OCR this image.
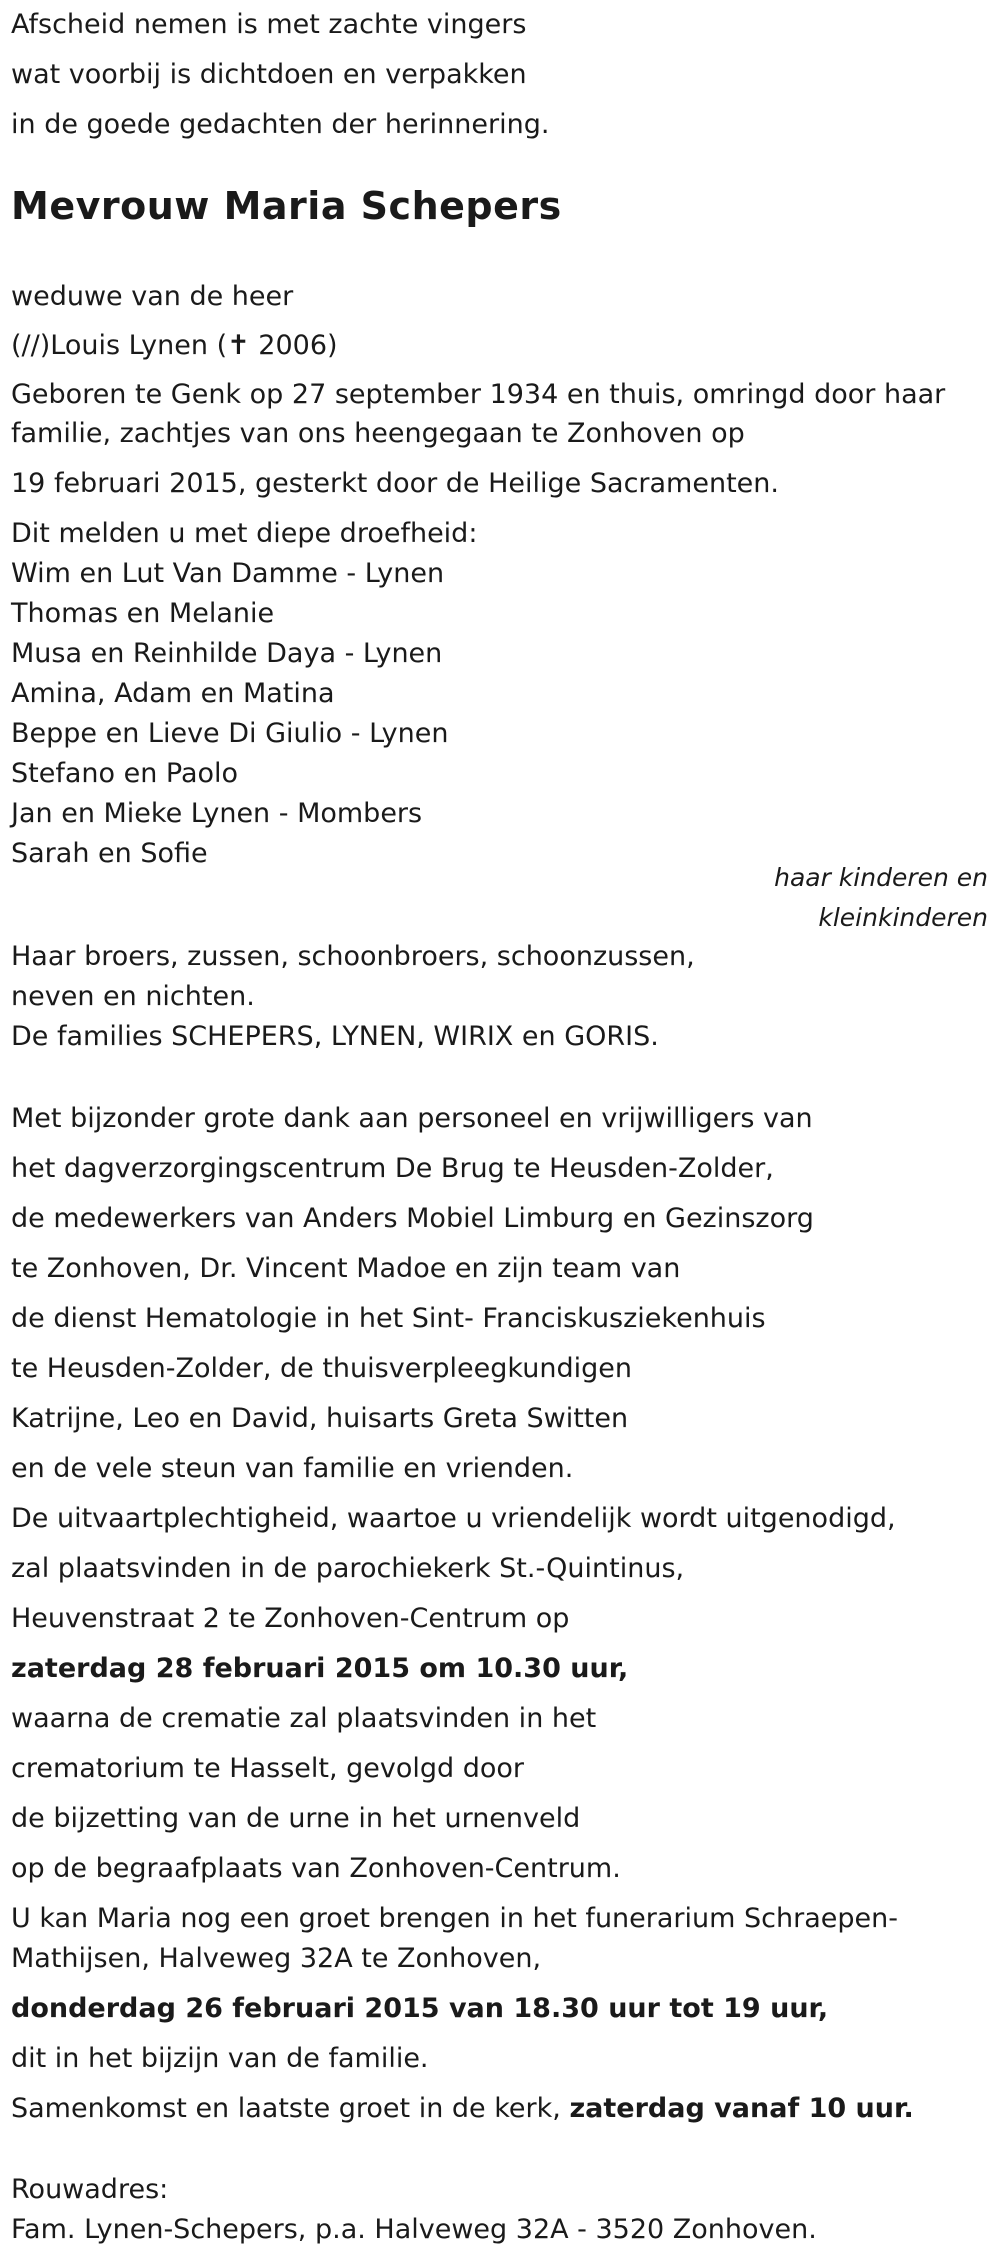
Afscheid nemen is met zachte vingers
wat voorbij is dichtdoen en verpakken
in de goede gedachten der herinnering.
Mevrouw Maria Schepers
weduwe van de heer
(//)Louis Lynen (✝ 2006)
Geboren te Genk op 27 september 1934 en thuis, omringd door haar
familie, zachtjes van ons heengegaan te Zonhoven op
19 februari 2015, gesterkt door de Heilige Sacramenten.
Dit melden u met diepe droefheid:
Wim en Lut Van Damme - Lynen
Thomas en Melanie
Musa en Reinhilde Daya - Lynen
Amina, Adam en Matina
Beppe en Lieve Di Giulio - Lynen
Stefano en Paolo
Jan en Mieke Lynen - Mombers
Sarah en Sofie
haar kinderen en
kleinkinderen
Haar broers, zussen, schoonbroers, schoonzussen,
neven en nichten.
De families SCHEPERS, LYNEN, WIRIX en GORIS.
Met bijzonder grote dank aan personeel en vrijwilligers van
het dagverzorgingscentrum De Brug te Heusden-Zolder,
de medewerkers van Anders Mobiel Limburg en Gezinszorg
te Zonhoven, Dr. Vincent Madoe en zijn team van
de dienst Hematologie in het Sint- Franciskusziekenhuis
te Heusden-Zolder, de thuisverpleegkundigen
Katrijne, Leo en David, huisarts Greta Switten
en de vele steun van familie en vrienden.
De uitvaartplechtigheid, waartoe u vriendelijk wordt uitgenodigd,
zal plaatsvinden in de parochiekerk St.-Quintinus,
Heuvenstraat 2 te Zonhoven-Centrum op
zaterdag 28 februari 2015 om 10.30 uur,
waarna de crematie zal plaatsvinden in het
crematorium te Hasselt, gevolgd door
de bijzetting van de urne in het urnenveld
op de begraafplaats van Zonhoven-Centrum.
U kan Maria nog een groet brengen in het funerarium Schraepen-
Mathijsen, Halveweg 32A te Zonhoven,
donderdag 26 februari 2015 van 18.30 uur tot 19 uur,
dit in het bijzijn van de familie.
Samenkomst en laatste groet in de kerk, zaterdag vanaf 10 uur.
Rouwadres:
Fam. Lynen-Schepers, p.a. Halveweg 32A - 3520 Zonhoven.
